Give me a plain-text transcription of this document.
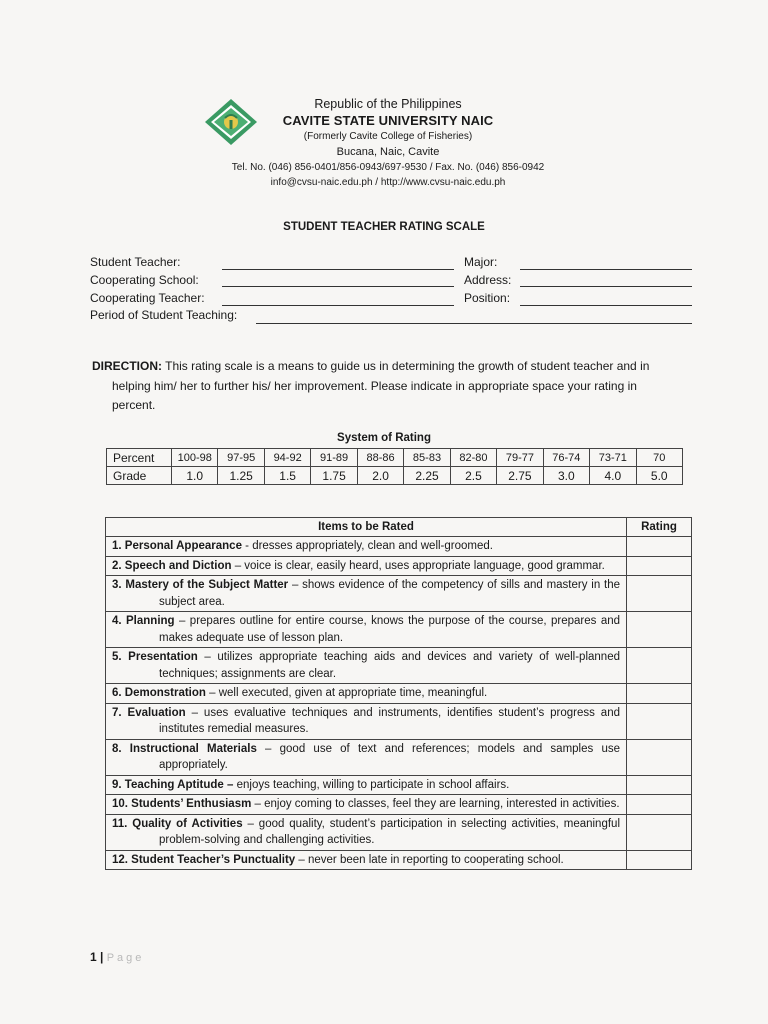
Republic of the Philippines
CAVITE STATE UNIVERSITY NAIC
(Formerly Cavite College of Fisheries)
Bucana, Naic, Cavite
Tel. No. (046) 856-0401/856-0943/697-9530 / Fax. No. (046) 856-0942
info@cvsu-naic.edu.ph / http://www.cvsu-naic.edu.ph
STUDENT TEACHER RATING SCALE
Student Teacher:	Major:
Cooperating School:	Address:
Cooperating Teacher:	Position:
Period of Student Teaching:
DIRECTION: This rating scale is a means to guide us in determining the growth of student teacher and in
helping him/ her to further his/ her improvement. Please indicate in appropriate space your rating in
percent.
System of Rating
Percent	100-98	97-95	94-92	91-89	88-86	85-83	82-80	79-77	76-74	73-71	70
Grade	1.0	1.25	1.5	1.75	2.0	2.25	2.5	2.75	3.0	4.0	5.0
Items to be Rated	Rating

1. Personal Appearance - dresses appropriately, clean and well-groomed.	

2. Speech and Diction – voice is clear, easily heard, uses appropriate language, good grammar.	

3. Mastery of the Subject Matter – shows evidence of the competency of sills and mastery in the subject area.	

4. Planning – prepares outline for entire course, knows the purpose of the course, prepares and makes adequate use of lesson plan.	

5. Presentation – utilizes appropriate teaching aids and devices and variety of well-planned techniques; assignments are clear.	

6. Demonstration – well executed, given at appropriate time, meaningful.	

7. Evaluation – uses evaluative techniques and instruments, identifies student’s progress and institutes remedial measures.	

8. Instructional Materials – good use of text and references; models and samples use appropriately.	

9. Teaching Aptitude – enjoys teaching, willing to participate in school affairs.	

10. Students’ Enthusiasm – enjoy coming to classes, feel they are learning, interested in activities.	

11. Quality of Activities – good quality, student’s participation in selecting activities, meaningful problem-solving and challenging activities.	

12. Student Teacher’s Punctuality – never been late in reporting to cooperating school.	

1 | Page
